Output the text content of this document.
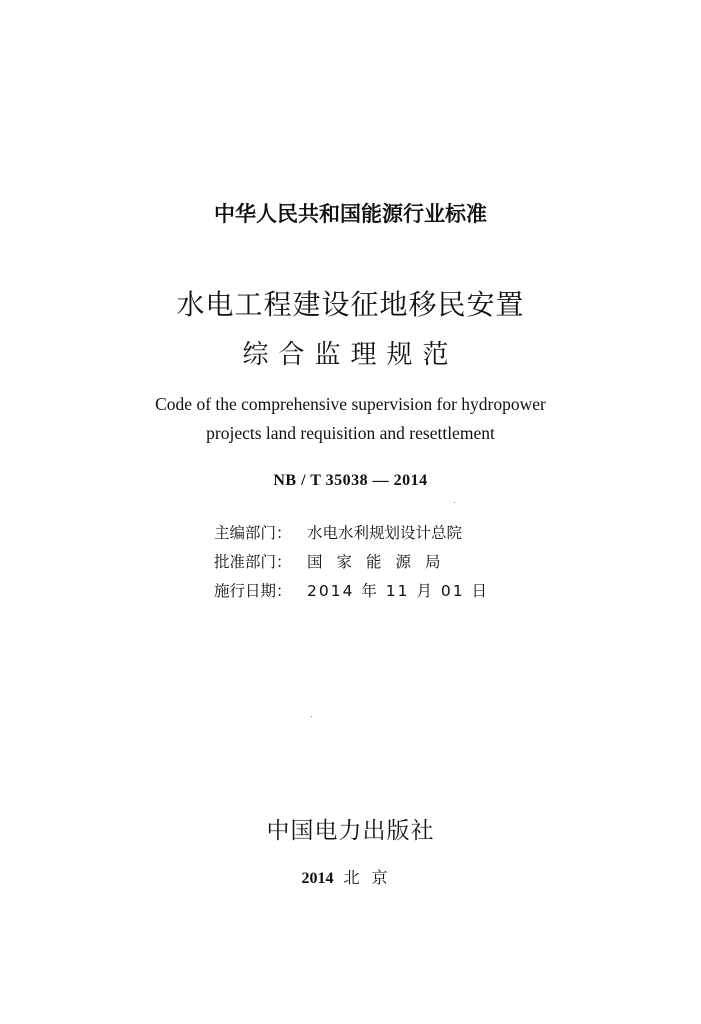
中华人民共和国能源行业标准
水电工程建设征地移民安置
综合监理规范
Code of the comprehensive supervision for hydropower
projects land requisition and resettlement
NB / T 35038 — 2014
主编部门： 水电水利规划设计总院
批准部门： 国家能源局
施行日期： 2014 年 11 月 01 日
中国电力出版社
2014 北京
